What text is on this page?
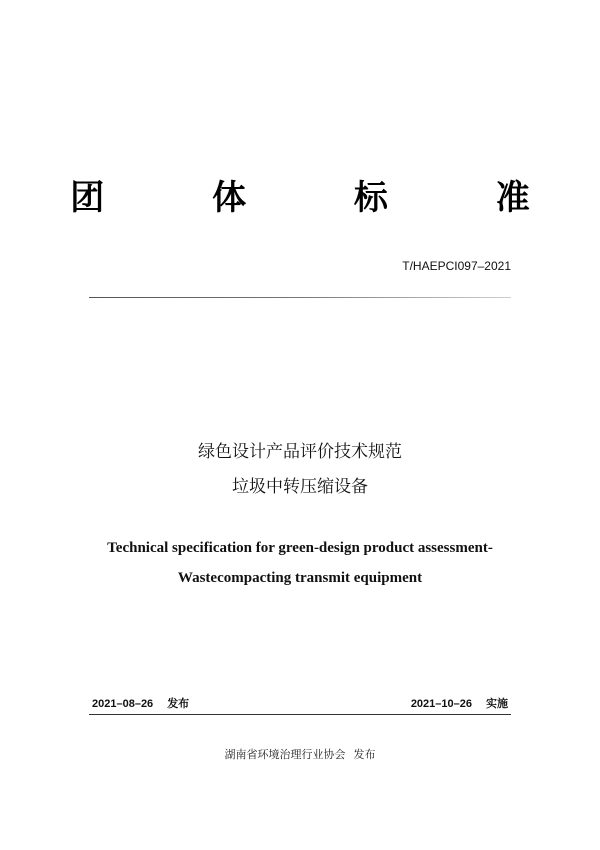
团 体 标 准
T/HAEPCI097–2021
绿色设计产品评价技术规范
垃圾中转压缩设备
Technical specification for green-design product assessment-
Wastecompacting transmit equipment
2021–08–26 发布	2021–10–26 实施
湖南省环境治理行业协会 发布
